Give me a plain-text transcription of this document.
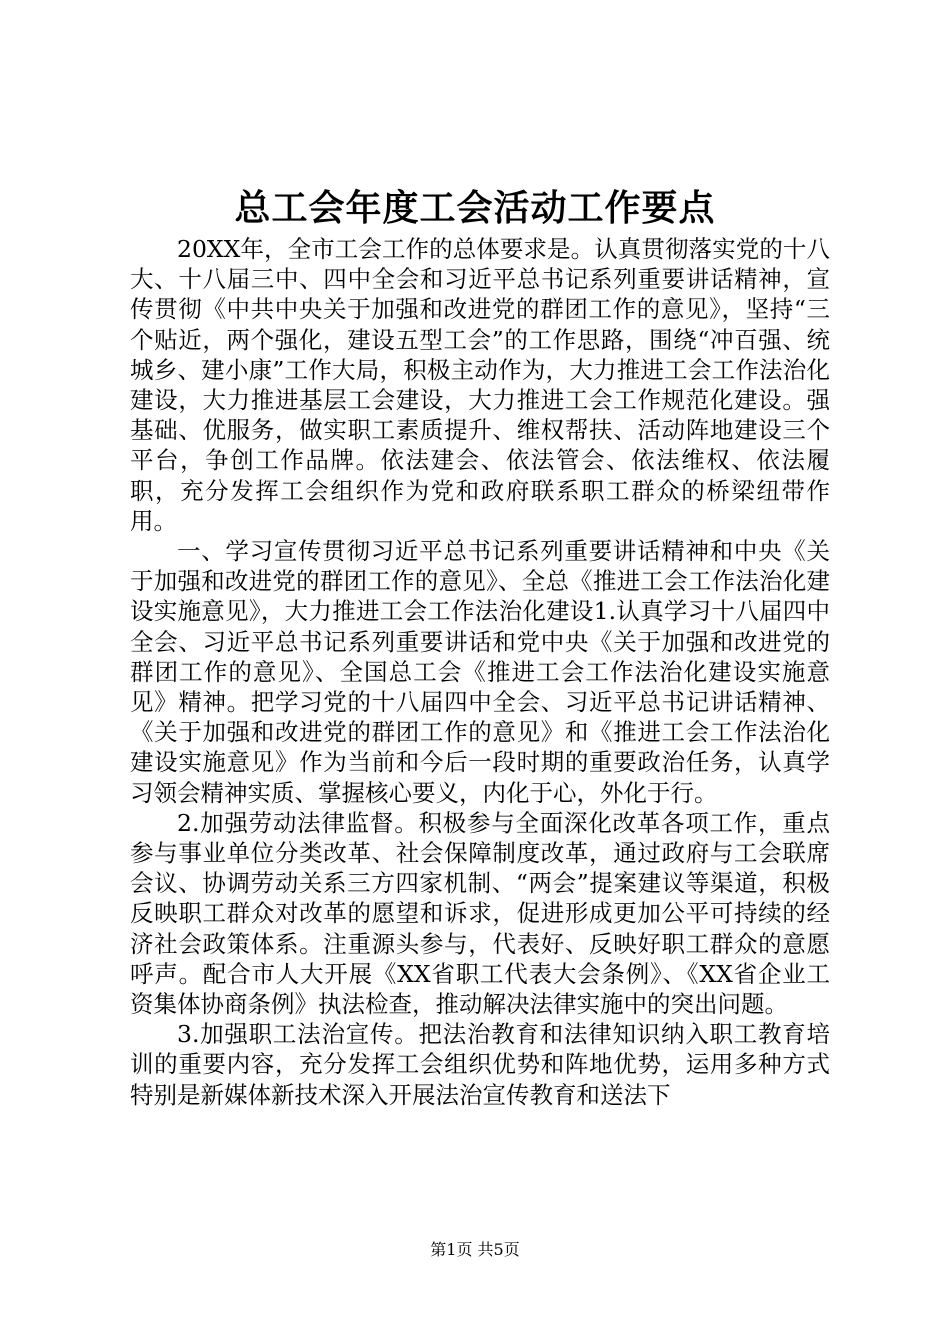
总工会年度工会活动工作要点

20XX年，全市工会工作的总体要求是。认真贯彻落实党的十八大、十八届三中、四中全会和习近平总书记系列重要讲话精神，宣传贯彻《中共中央关于加强和改进党的群团工作的意见》，坚持“三个贴近，两个强化，建设五型工会”的工作思路，围绕“冲百强、统城乡、建小康”工作大局，积极主动作为，大力推进工会工作法治化建设，大力推进基层工会建设，大力推进工会工作规范化建设。强基础、优服务，做实职工素质提升、维权帮扶、活动阵地建设三个平台，争创工作品牌。依法建会、依法管会、依法维权、依法履职，充分发挥工会组织作为党和政府联系职工群众的桥梁纽带作用。

一、学习宣传贯彻习近平总书记系列重要讲话精神和中央《关于加强和改进党的群团工作的意见》、全总《推进工会工作法治化建设实施意见》，大力推进工会工作法治化建设1.认真学习十八届四中全会、习近平总书记系列重要讲话和党中央《关于加强和改进党的群团工作的意见》、全国总工会《推进工会工作法治化建设实施意见》精神。把学习党的十八届四中全会、习近平总书记讲话精神、《关于加强和改进党的群团工作的意见》和《推进工会工作法治化建设实施意见》作为当前和今后一段时期的重要政治任务，认真学习领会精神实质、掌握核心要义，内化于心，外化于行。

2.加强劳动法律监督。积极参与全面深化改革各项工作，重点参与事业单位分类改革、社会保障制度改革，通过政府与工会联席会议、协调劳动关系三方四家机制、“两会”提案建议等渠道，积极反映职工群众对改革的愿望和诉求，促进形成更加公平可持续的经济社会政策体系。注重源头参与，代表好、反映好职工群众的意愿呼声。配合市人大开展《XX省职工代表大会条例》、《XX省企业工资集体协商条例》执法检查，推动解决法律实施中的突出问题。

3.加强职工法治宣传。把法治教育和法律知识纳入职工教育培训的重要内容，充分发挥工会组织优势和阵地优势，运用多种方式特别是新媒体新技术深入开展法治宣传教育和送法下

第1页 共5页
